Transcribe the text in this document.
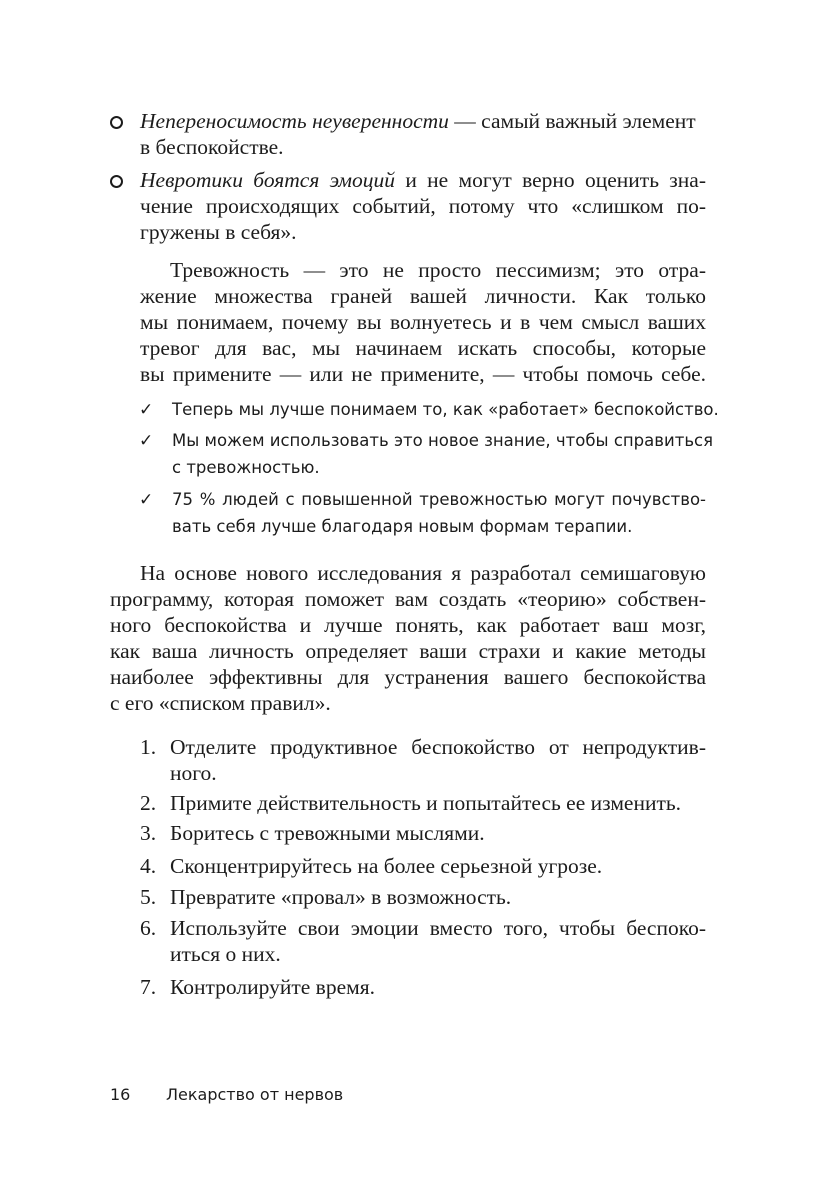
Непереносимость неуверенности — самый важный элемент
в беспокойстве.
Невротики боятся эмоций и не могут верно оценить зна-
чение происходящих событий, потому что «слишком по-
гружены в себя».
Тревожность — это не просто пессимизм; это отра-
жение множества граней вашей личности. Как только
мы понимаем, почему вы волнуетесь и в чем смысл ваших
тревог для вас, мы начинаем искать способы, которые
вы примените — или не примените, — чтобы помочь себе.
✓ Теперь мы лучше понимаем то, как «работает» беспокойство.
✓ Мы можем использовать это новое знание, чтобы справиться
с тревожностью.
✓ 75 % людей с повышенной тревожностью могут почувство-
вать себя лучше благодаря новым формам терапии.
На основе нового исследования я разработал семишаговую
программу, которая поможет вам создать «теорию» собствен-
ного беспокойства и лучше понять, как работает ваш мозг,
как ваша личность определяет ваши страхи и какие методы
наиболее эффективны для устранения вашего беспокойства
с его «списком правил».
1. Отделите продуктивное беспокойство от непродуктив-
ного.
2. Примите действительность и попытайтесь ее изменить.
3. Боритесь с тревожными мыслями.
4. Сконцентрируйтесь на более серьезной угрозе.
5. Превратите «провал» в возможность.
6. Используйте свои эмоции вместо того, чтобы беспоко-
иться о них.
7. Контролируйте время.
16 Лекарство от нервов
